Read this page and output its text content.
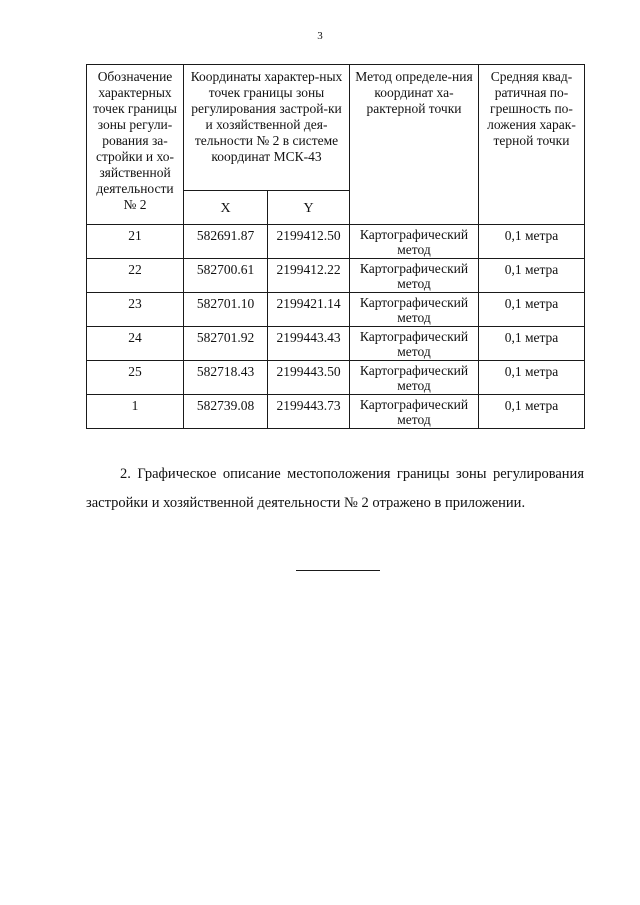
3
Обозначение характерных точек границы зоны регули-рования за-стройки и хо-зяйственной деятельности № 2	Координаты характер-ных точек границы зоны регулирования застрой-ки и хозяйственной дея-тельности № 2 в системе координат МСК-43		Метод определе-ния координат ха-рактерной точки	Средняя квад-ратичная по-грешность по-ложения харак-терной точки
	X	Y		
21	582691.87	2199412.50	Картографический метод	0,1 метра
22	582700.61	2199412.22	Картографический метод	0,1 метра
23	582701.10	2199421.14	Картографический метод	0,1 метра
24	582701.92	2199443.43	Картографический метод	0,1 метра
25	582718.43	2199443.50	Картографический метод	0,1 метра
1	582739.08	2199443.73	Картографический метод	0,1 метра

2. Графическое описание местоположения границы зоны регулирования застройки и хозяйственной деятельности № 2 отражено в приложении.
